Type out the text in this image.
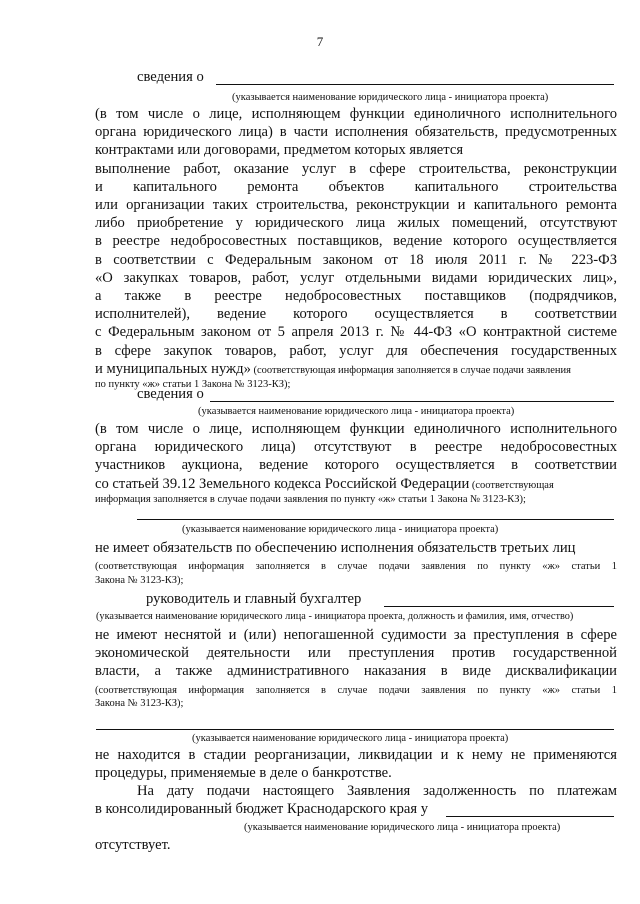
7
сведения о
(указывается наименование юридического лица - инициатора проекта)
(в том числе о лице, исполняющем функции единоличного исполнительного
органа юридического лица) в части исполнения обязательств, предусмотренных
контрактами или договорами, предметом которых является
выполнение работ, оказание услуг в сфере строительства, реконструкции
и капитального ремонта объектов капитального строительства
или организации таких строительства, реконструкции и капитального ремонта
либо приобретение у юридического лица жилых помещений, отсутствуют
в реестре недобросовестных поставщиков, ведение которого осуществляется
в соответствии с Федеральным законом от 18 июля 2011 г. № 223-ФЗ
«О закупках товаров, работ, услуг отдельными видами юридических лиц»,
а также в реестре недобросовестных поставщиков (подрядчиков,
исполнителей), ведение которого осуществляется в соответствии
с Федеральным законом от 5 апреля 2013 г. № 44-ФЗ «О контрактной системе
в сфере закупок товаров, работ, услуг для обеспечения государственных
и муниципальных нужд» (соответствующая информация заполняется в случае подачи заявления
по пункту «ж» статьи 1 Закона № 3123-КЗ);
сведения о
(указывается наименование юридического лица - инициатора проекта)
(в том числе о лице, исполняющем функции единоличного исполнительного
органа юридического лица) отсутствуют в реестре недобросовестных
участников аукциона, ведение которого осуществляется в соответствии
со статьей 39.12 Земельного кодекса Российской Федерации (соответствующая
информация заполняется в случае подачи заявления по пункту «ж» статьи 1 Закона № 3123-КЗ);
(указывается наименование юридического лица - инициатора проекта)
не имеет обязательств по обеспечению исполнения обязательств третьих лиц
(соответствующая информация заполняется в случае подачи заявления по пункту «ж» статьи 1
Закона № 3123-КЗ);
руководитель и главный бухгалтер
(указывается наименование юридического лица - инициатора проекта, должность и фамилия, имя, отчество)
не имеют неснятой и (или) непогашенной судимости за преступления в сфере
экономической деятельности или преступления против государственной
власти, а также административного наказания в виде дисквалификации
(соответствующая информация заполняется в случае подачи заявления по пункту «ж» статьи 1
Закона № 3123-КЗ);
(указывается наименование юридического лица - инициатора проекта)
не находится в стадии реорганизации, ликвидации и к нему не применяются
процедуры, применяемые в деле о банкротстве.
На дату подачи настоящего Заявления задолженность по платежам
в консолидированный бюджет Краснодарского края у
(указывается наименование юридического лица - инициатора проекта)
отсутствует.
